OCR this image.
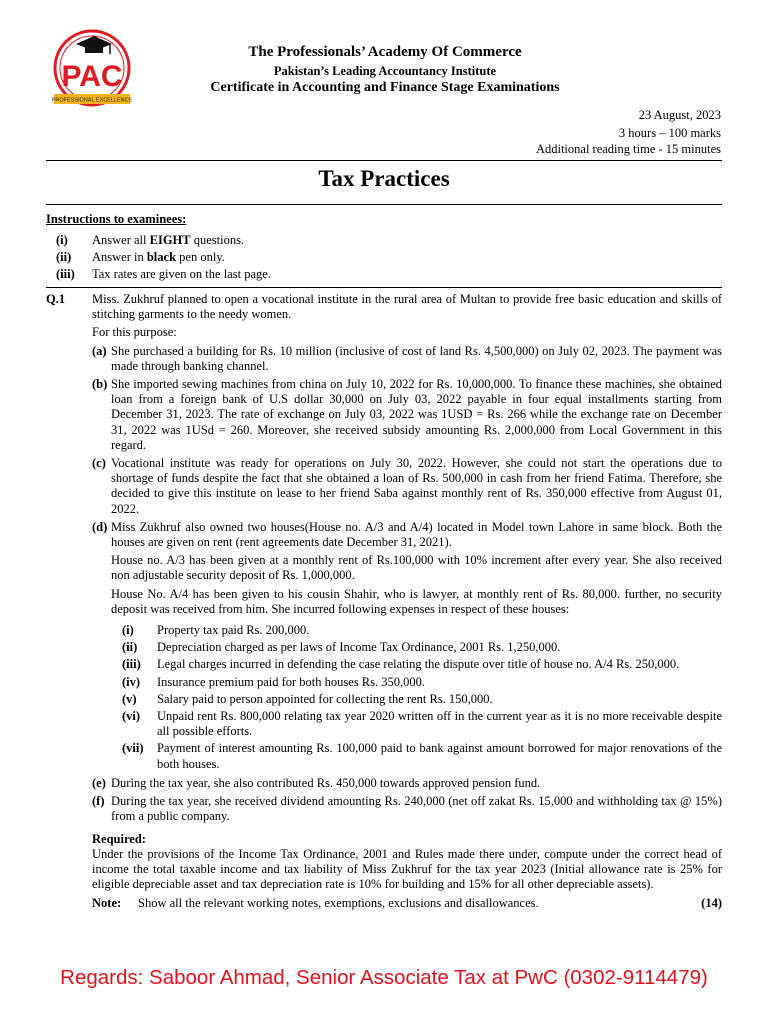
PAC
PROFESSIONAL EXCELLENCE
The Professionals’ Academy Of Commerce
Pakistan’s Leading Accountancy Institute
Certificate in Accounting and Finance Stage Examinations
23 August, 2023
3 hours – 100 marks
Additional reading time - 15 minutes
Tax Practices
Instructions to examinees:
(i)	Answer all EIGHT questions.
(ii)	Answer in black pen only.
(iii)	Tax rates are given on the last page.
Q.1	Miss. Zukhruf planned to open a vocational institute in the rural area of Multan to provide free basic education and skills of stitching garments to the needy women.

For this purpose:

(a) She purchased a building for Rs. 10 million (inclusive of cost of land Rs. 4,500,000) on July 02, 2023. The payment was made through banking channel.
(b) She imported sewing machines from china on July 10, 2022 for Rs. 10,000,000. To finance these machines, she obtained loan from a foreign bank of U.S dollar 30,000 on July 03, 2022 payable in four equal installments starting from December 31, 2023. The rate of exchange on July 03, 2022 was 1USD = Rs. 266 while the exchange rate on December 31, 2022 was 1USd = 260. Moreover, she received subsidy amounting Rs. 2,000,000 from Local Government in this regard.
(c) Vocational institute was ready for operations on July 30, 2022. However, she could not start the operations due to shortage of funds despite the fact that she obtained a loan of Rs. 500,000 in cash from her friend Fatima. Therefore, she decided to give this institute on lease to her friend Saba against monthly rent of Rs. 350,000 effective from August 01, 2022.
(d) Miss Zukhruf also owned two houses(House no. A/3 and A/4) located in Model town Lahore in same block. Both the houses are given on rent (rent agreements date December 31, 2021).

House no. A/3 has been given at a monthly rent of Rs.100,000 with 10% increment after every year. She also received non adjustable security deposit of Rs. 1,000,000.

House No. A/4 has been given to his cousin Shahir, who is lawyer, at monthly rent of Rs. 80,000. further, no security deposit was received from him. She incurred following expenses in respect of these houses:

(i)	Property tax paid Rs. 200,000.
(ii)	Depreciation charged as per laws of Income Tax Ordinance, 2001 Rs. 1,250,000.
(iii)	Legal charges incurred in defending the case relating the dispute over title of house no. A/4 Rs. 250,000.
(iv)	Insurance premium paid for both houses Rs. 350,000.
(v)	Salary paid to person appointed for collecting the rent Rs. 150,000.
(vi)	Unpaid rent Rs. 800,000 relating tax year 2020 written off in the current year as it is no more receivable despite all possible efforts.
(vii)	Payment of interest amounting Rs. 100,000 paid to bank against amount borrowed for major renovations of the both houses.
(e) During the tax year, she also contributed Rs. 450,000 towards approved pension fund.
(f) During the tax year, she received dividend amounting Rs. 240,000 (net off zakat Rs. 15,000 and withholding tax @ 15%) from a public company.
Required:

Under the provisions of the Income Tax Ordinance, 2001 and Rules made there under, compute under the correct head of income the total taxable income and tax liability of Miss Zukhruf for the tax year 2023 (Initial allowance rate is 25% for eligible depreciable asset and tax depreciation rate is 10% for building and 15% for all other depreciable assets).

Note:	Show all the relevant working notes, exemptions, exclusions and disallowances.	(14)
Regards: Saboor Ahmad, Senior Associate Tax at PwC (0302-9114479)
